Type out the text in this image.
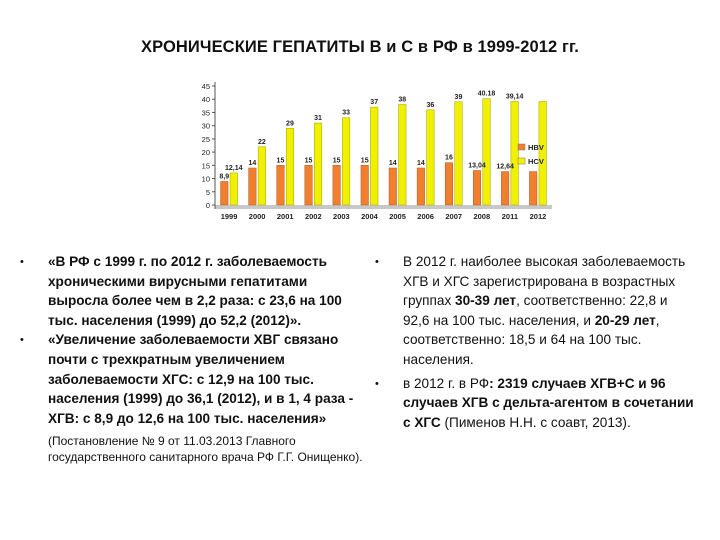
ХРОНИЧЕСКИЕ ГЕПАТИТЫ В и С в РФ в 1999-2012 гг.
0
5
10
15
20
25
30
35
40
45
8,9
12,14
1999
14
22
2000
15
29
2001
15
31
2002
15
33
2003
15
37
2004
14
38
2005
14
36
2006
16
39
2007
13,04
40.18
2008
12,64
39,14
2011 2012
HBV
HCV
•	«В РФ с 1999 г. по 2012 г. заболеваемость хроническими вирусными гепатитами выросла более чем в 2,2 раза: с 23,6 на 100 тыс. населения (1999) до 52,2 (2012)».
•	«Увеличение заболеваемости ХВГ связано почти с трехкратным увеличением заболеваемости ХГС: с 12,9 на 100 тыс. населения (1999) до 36,1 (2012), и в 1, 4 раза - ХГВ: с 8,9 до 12,6 на 100 тыс. населения»
(Постановление № 9 от 11.03.2013 Главного государственного санитарного врача РФ Г.Г. Онищенко).
•	В 2012 г. наиболее высокая заболеваемость ХГВ и ХГС зарегистрирована в возрастных группах 30-39 лет, соответственно: 22,8 и 92,6 на 100 тыс. населения, и 20-29 лет, соответственно: 18,5 и 64 на 100 тыс. населения.
•	в 2012 г. в РФ: 2319 случаев ХГВ+С и 96 случаев ХГВ с дельта-агентом в сочетании с ХГС (Пименов Н.Н. с соавт, 2013).
